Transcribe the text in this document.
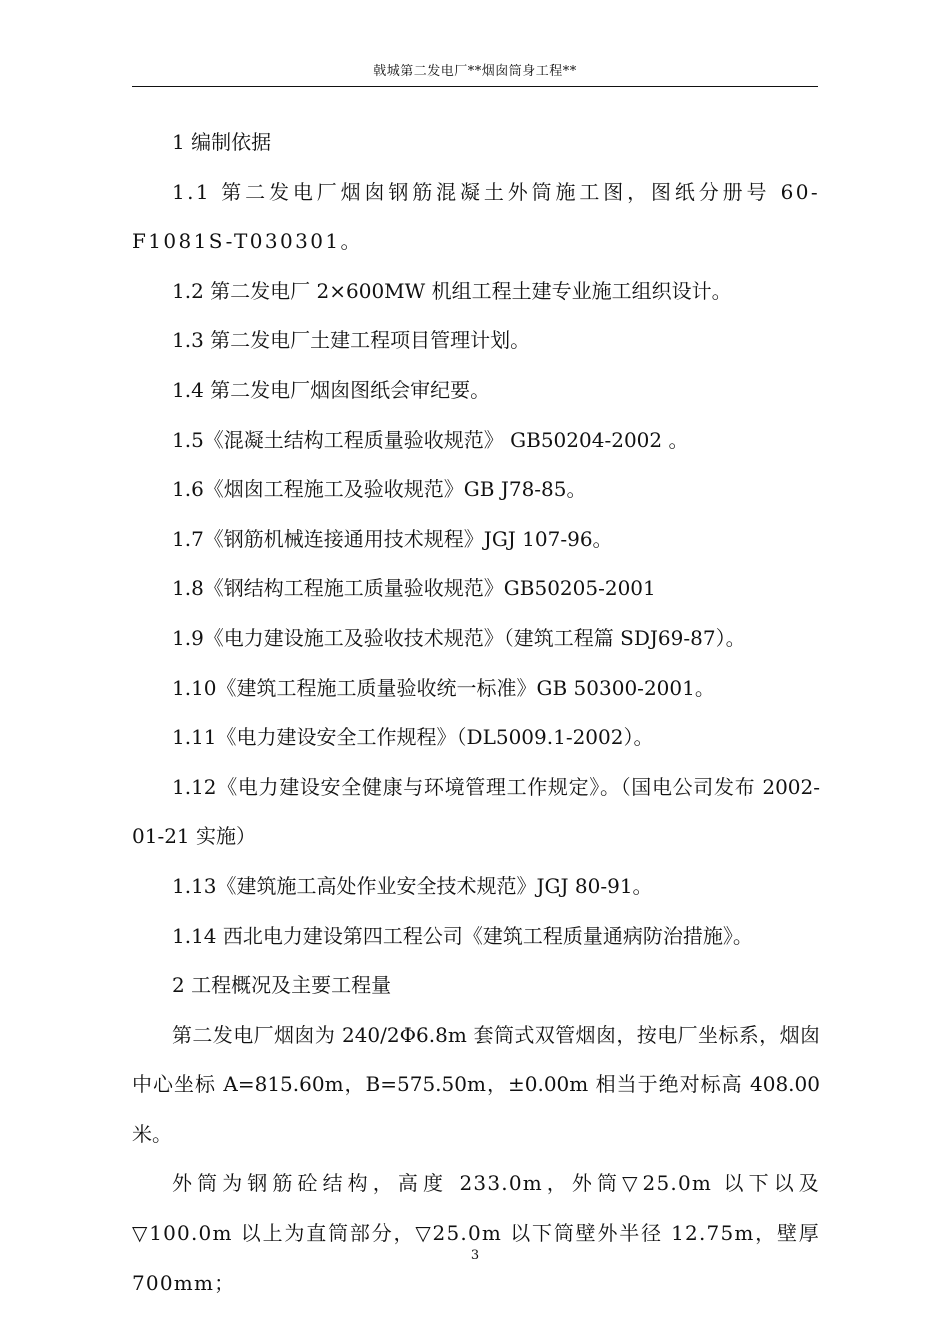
戟城第二发电厂**烟囱筒身工程**

1 编制依据

1.1 第二发电厂烟囱钢筋混凝土外筒施工图，图纸分册号 60-F1081S-T030301。

1.2 第二发电厂 2×600MW 机组工程土建专业施工组织设计。

1.3 第二发电厂土建工程项目管理计划。

1.4 第二发电厂烟囱图纸会审纪要。

1.5《混凝土结构工程质量验收规范》 GB50204-2002 。

1.6《烟囱工程施工及验收规范》GB J78-85。

1.7《钢筋机械连接通用技术规程》JGJ 107-96。

1.8《钢结构工程施工质量验收规范》GB50205-2001

1.9《电力建设施工及验收技术规范》（建筑工程篇 SDJ69-87）。

1.10《建筑工程施工质量验收统一标准》GB 50300-2001。

1.11《电力建设安全工作规程》（DL5009.1-2002）。

1.12《电力建设安全健康与环境管理工作规定》。（国电公司发布 2002-01-21 实施）

1.13《建筑施工高处作业安全技术规范》JGJ 80-91。

1.14 西北电力建设第四工程公司《建筑工程质量通病防治措施》。

2 工程概况及主要工程量

第二发电厂烟囱为 240/2Φ6.8m 套筒式双管烟囱，按电厂坐标系，烟囱中心坐标 A=815.60m，B=575.50m，±0.00m 相当于绝对标高 408.00 米。

外筒为钢筋砼结构，高度 233.0m，外筒▽25.0m 以下以及▽100.0m 以上为直筒部分，▽25.0m 以下筒壁外半径 12.75m，壁厚 700mm；

3
